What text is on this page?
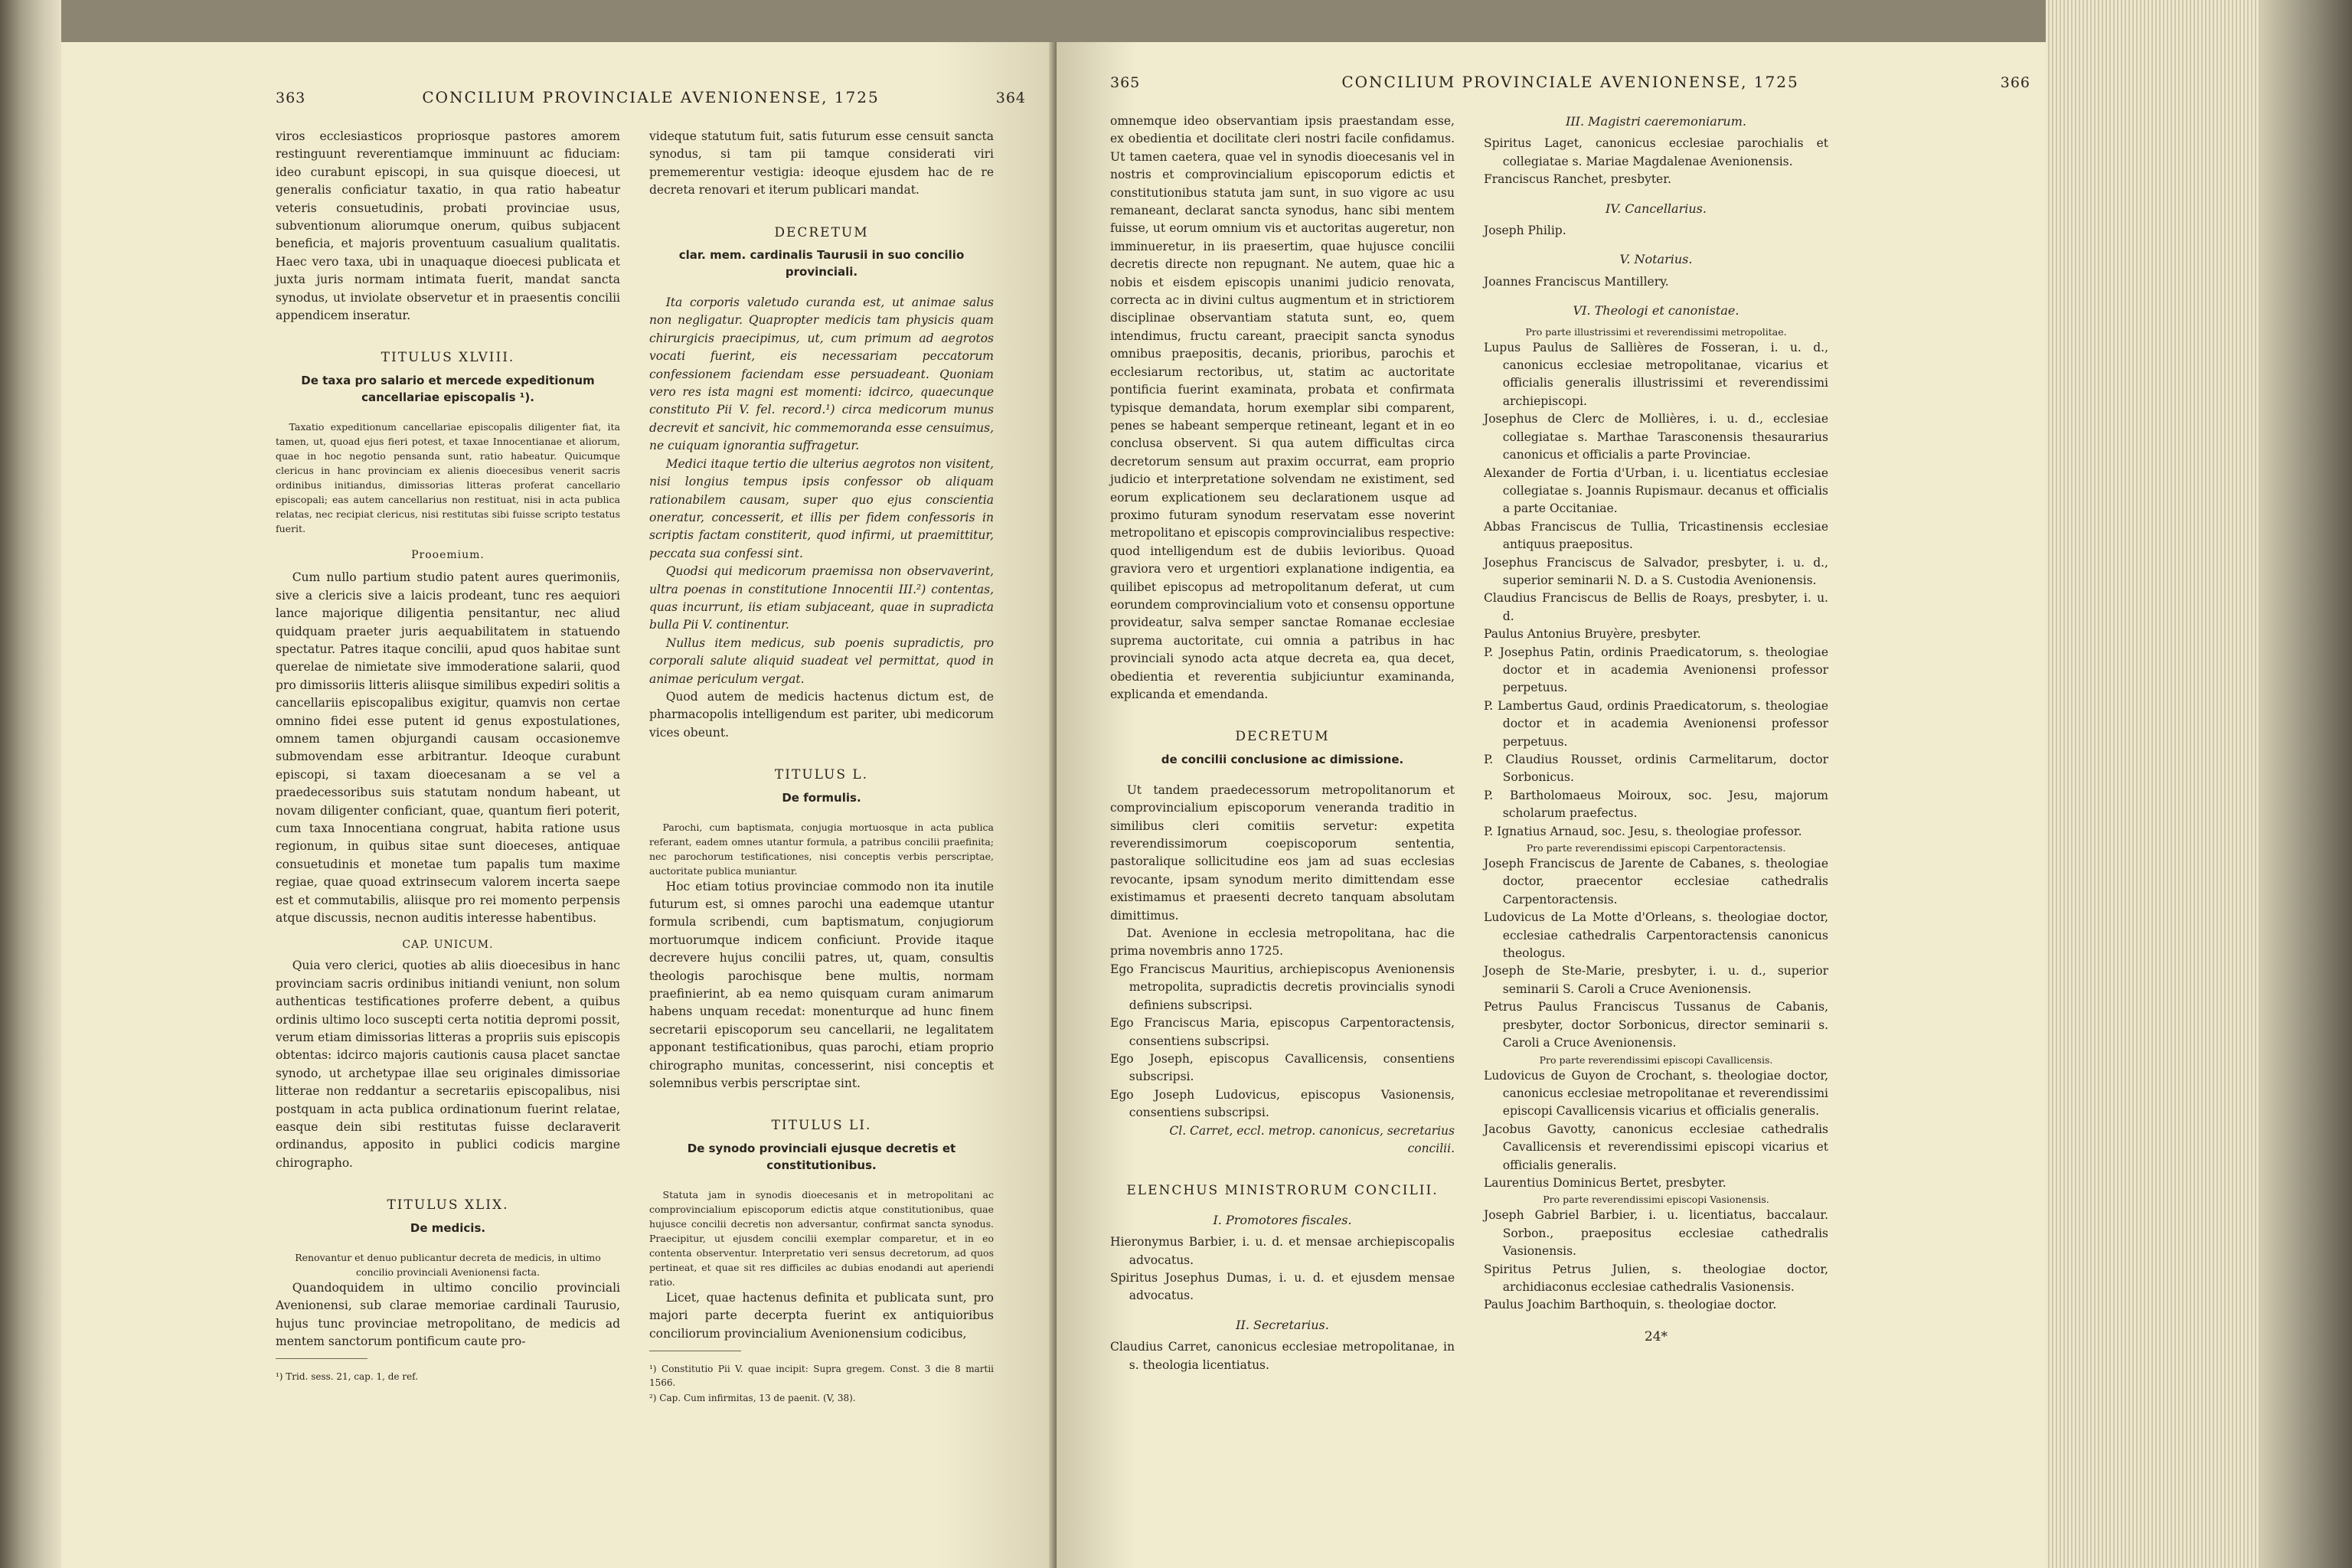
363	CONCILIUM PROVINCIALE AVENIONENSE, 1725	364

viros ecclesiasticos propriosque pastores amorem restinguunt reverentiamque imminuunt ac fiduciam: ideo curabunt episcopi, in sua quisque dioecesi, ut generalis conficiatur taxatio, in qua ratio habeatur veteris consuetudinis, probati provinciae usus, subventionum aliorumque onerum, quibus subjacent beneficia, et majoris proventuum casualium qualitatis. Haec vero taxa, ubi in unaquaque dioecesi publicata et juxta juris normam intimata fuerit, mandat sancta synodus, ut inviolate observetur et in praesentis concilii appendicem inseratur.

TITULUS XLVIII.
De taxa pro salario et mercede expeditionum cancellariae episcopalis ¹).

Taxatio expeditionum cancellariae episcopalis diligenter fiat, ita tamen, ut, quoad ejus fieri potest, et taxae Innocentianae et aliorum, quae in hoc negotio pensanda sunt, ratio habeatur. Quicumque clericus in hanc provinciam ex alienis dioecesibus venerit sacris ordinibus initiandus, dimissorias litteras proferat cancellario episcopali; eas autem cancellarius non restituat, nisi in acta publica relatas, nec recipiat clericus, nisi restitutas sibi fuisse scripto testatus fuerit.

Prooemium.

Cum nullo partium studio patent aures querimoniis, sive a clericis sive a laicis prodeant, tunc res aequiori lance majorique diligentia pensitantur, nec aliud quidquam praeter juris aequabilitatem in statuendo spectatur. Patres itaque concilii, apud quos habitae sunt querelae de nimietate sive immoderatione salarii, quod pro dimissoriis litteris aliisque similibus expediri solitis a cancellariis episcopalibus exigitur, quamvis non certae omnino fidei esse putent id genus expostulationes, omnem tamen objurgandi causam occasionemve submovendam esse arbitrantur. Ideoque curabunt episcopi, si taxam dioecesanam a se vel a praedecessoribus suis statutam nondum habeant, ut novam diligenter conficiant, quae, quantum fieri poterit, cum taxa Innocentiana congruat, habita ratione usus regionum, in quibus sitae sunt dioeceses, antiquae consuetudinis et monetae tum papalis tum maxime regiae, quae quoad extrinsecum valorem incerta saepe est et commutabilis, aliisque pro rei momento perpensis atque discussis, necnon auditis interesse habentibus.

CAP. UNICUM.

Quia vero clerici, quoties ab aliis dioecesibus in hanc provinciam sacris ordinibus initiandi veniunt, non solum authenticas testificationes proferre debent, a quibus ordinis ultimo loco suscepti certa notitia depromi possit, verum etiam dimissorias litteras a propriis suis episcopis obtentas: idcirco majoris cautionis causa placet sanctae synodo, ut archetypae illae seu originales dimissoriae litterae non reddantur a secretariis episcopalibus, nisi postquam in acta publica ordinationum fuerint relatae, easque dein sibi restitutas fuisse declaraverit ordinandus, apposito in publici codicis margine chirographo.

TITULUS XLIX.
De medicis.

Renovantur et denuo publicantur decreta de medicis, in ultimo concilio provinciali Avenionensi facta.

Quandoquidem in ultimo concilio provinciali Avenionensi, sub clarae memoriae cardinali Taurusio, hujus tunc provinciae metropolitano, de medicis ad mentem sanctorum pontificum caute pro-

¹) Trid. sess. 21, cap. 1, de ref.

videque statutum fuit, satis futurum esse censuit sancta synodus, si tam pii tamque considerati viri prememerentur vestigia: ideoque ejusdem hac de re decreta renovari et iterum publicari mandat.

DECRETUM
clar. mem. cardinalis Taurusii in suo concilio provinciali.

Ita corporis valetudo curanda est, ut animae salus non negligatur. Quapropter medicis tam physicis quam chirurgicis praecipimus, ut, cum primum ad aegrotos vocati fuerint, eis necessariam peccatorum confessionem faciendam esse persuadeant. Quoniam vero res ista magni est momenti: idcirco, quaecunque constituto Pii V. fel. record.¹) circa medicorum munus decrevit et sancivit, hic commemoranda esse censuimus, ne cuiquam ignorantia suffragetur.

Medici itaque tertio die ulterius aegrotos non visitent, nisi longius tempus ipsis confessor ob aliquam rationabilem causam, super quo ejus conscientia oneratur, concesserit, et illis per fidem confessoris in scriptis factam constiterit, quod infirmi, ut praemittitur, peccata sua confessi sint.

Quodsi qui medicorum praemissa non observaverint, ultra poenas in constitutione Innocentii III.²) contentas, quas incurrunt, iis etiam subjaceant, quae in supradicta bulla Pii V. continentur.

Nullus item medicus, sub poenis supradictis, pro corporali salute aliquid suadeat vel permittat, quod in animae periculum vergat.

Quod autem de medicis hactenus dictum est, de pharmacopolis intelligendum est pariter, ubi medicorum vices obeunt.

TITULUS L.
De formulis.

Parochi, cum baptismata, conjugia mortuosque in acta publica referant, eadem omnes utantur formula, a patribus concilii praefinita; nec parochorum testificationes, nisi conceptis verbis perscriptae, auctoritate publica muniantur.

Hoc etiam totius provinciae commodo non ita inutile futurum est, si omnes parochi una eademque utantur formula scribendi, cum baptismatum, conjugiorum mortuorumque indicem conficiunt. Provide itaque decrevere hujus concilii patres, ut, quam, consultis theologis parochisque bene multis, normam praefinierint, ab ea nemo quisquam curam animarum habens unquam recedat: monenturque ad hunc finem secretarii episcoporum seu cancellarii, ne legalitatem apponant testificationibus, quas parochi, etiam proprio chirographo munitas, concesserint, nisi conceptis et solemnibus verbis perscriptae sint.

TITULUS LI.
De synodo provinciali ejusque decretis et constitutionibus.

Statuta jam in synodis dioecesanis et in metropolitani ac comprovincialium episcoporum edictis atque constitutionibus, quae hujusce concilii decretis non adversantur, confirmat sancta synodus. Praecipitur, ut ejusdem concilii exemplar comparetur, et in eo contenta observentur. Interpretatio veri sensus decretorum, ad quos pertineat, et quae sit res difficiles ac dubias enodandi aut aperiendi ratio.

Licet, quae hactenus definita et publicata sunt, pro majori parte decerpta fuerint ex antiquioribus conciliorum provincialium Avenionensium codicibus,

¹) Constitutio Pii V. quae incipit: Supra gregem. Const. 3 die 8 martii 1566.
²) Cap. Cum infirmitas, 13 de paenit. (V, 38).
365	CONCILIUM PROVINCIALE AVENIONENSE, 1725	366

omnemque ideo observantiam ipsis praestandam esse, ex obedientia et docilitate cleri nostri facile confidamus. Ut tamen caetera, quae vel in synodis dioecesanis vel in nostris et comprovincialium episcoporum edictis et constitutionibus statuta jam sunt, in suo vigore ac usu remaneant, declarat sancta synodus, hanc sibi mentem fuisse, ut eorum omnium vis et auctoritas augeretur, non imminueretur, in iis praesertim, quae hujusce concilii decretis directe non repugnant. Ne autem, quae hic a nobis et eisdem episcopis unanimi judicio renovata, correcta ac in divini cultus augmentum et in strictiorem disciplinae observantiam statuta sunt, eo, quem intendimus, fructu careant, praecipit sancta synodus omnibus praepositis, decanis, prioribus, parochis et ecclesiarum rectoribus, ut, statim ac auctoritate pontificia fuerint examinata, probata et confirmata typisque demandata, horum exemplar sibi comparent, penes se habeant semperque retineant, legant et in eo conclusa observent. Si qua autem difficultas circa decretorum sensum aut praxim occurrat, eam proprio judicio et interpretatione solvendam ne existiment, sed eorum explicationem seu declarationem usque ad proximo futuram synodum reservatam esse noverint metropolitano et episcopis comprovincialibus respective: quod intelligendum est de dubiis levioribus. Quoad graviora vero et urgentiori explanatione indigentia, ea quilibet episcopus ad metropolitanum deferat, ut cum eorundem comprovincialium voto et consensu opportune provideatur, salva semper sanctae Romanae ecclesiae suprema auctoritate, cui omnia a patribus in hac provinciali synodo acta atque decreta ea, qua decet, obedientia et reverentia subjiciuntur examinanda, explicanda et emendanda.

DECRETUM
de concilii conclusione ac dimissione.

Ut tandem praedecessorum metropolitanorum et comprovincialium episcoporum veneranda traditio in similibus cleri comitiis servetur: expetita reverendissimorum coepiscoporum sententia, pastoralique sollicitudine eos jam ad suas ecclesias revocante, ipsam synodum merito dimittendam esse existimamus et praesenti decreto tanquam absolutam dimittimus.

Dat. Avenione in ecclesia metropolitana, hac die prima novembris anno 1725.

Ego Franciscus Mauritius, archiepiscopus Avenionensis metropolita, supradictis decretis provincialis synodi definiens subscripsi.

Ego Franciscus Maria, episcopus Carpentoractensis, consentiens subscripsi.

Ego Joseph, episcopus Cavallicensis, consentiens subscripsi.

Ego Joseph Ludovicus, episcopus Vasionensis, consentiens subscripsi.

Cl. Carret, eccl. metrop. canonicus, secretarius concilii.

ELENCHUS MINISTRORUM CONCILII.
I. Promotores fiscales.

Hieronymus Barbier, i. u. d. et mensae archiepiscopalis advocatus.

Spiritus Josephus Dumas, i. u. d. et ejusdem mensae advocatus.

II. Secretarius.

Claudius Carret, canonicus ecclesiae metropolitanae, in s. theologia licentiatus.

III. Magistri caeremoniarum.

Spiritus Laget, canonicus ecclesiae parochialis et collegiatae s. Mariae Magdalenae Avenionensis.

Franciscus Ranchet, presbyter.

IV. Cancellarius.

Joseph Philip.

V. Notarius.

Joannes Franciscus Mantillery.

VI. Theologi et canonistae.

Pro parte illustrissimi et reverendissimi metropolitae.

Lupus Paulus de Sallières de Fosseran, i. u. d., canonicus ecclesiae metropolitanae, vicarius et officialis generalis illustrissimi et reverendissimi archiepiscopi.

Josephus de Clerc de Mollières, i. u. d., ecclesiae collegiatae s. Marthae Tarasconensis thesaurarius canonicus et officialis a parte Provinciae.

Alexander de Fortia d'Urban, i. u. licentiatus ecclesiae collegiatae s. Joannis Rupismaur. decanus et officialis a parte Occitaniae.

Abbas Franciscus de Tullia, Tricastinensis ecclesiae antiquus praepositus.

Josephus Franciscus de Salvador, presbyter, i. u. d., superior seminarii N. D. a S. Custodia Avenionensis.

Claudius Franciscus de Bellis de Roays, presbyter, i. u. d.

Paulus Antonius Bruyère, presbyter.

P. Josephus Patin, ordinis Praedicatorum, s. theologiae doctor et in academia Avenionensi professor perpetuus.

P. Lambertus Gaud, ordinis Praedicatorum, s. theologiae doctor et in academia Avenionensi professor perpetuus.

P. Claudius Rousset, ordinis Carmelitarum, doctor Sorbonicus.

P. Bartholomaeus Moiroux, soc. Jesu, majorum scholarum praefectus.

P. Ignatius Arnaud, soc. Jesu, s. theologiae professor.

Pro parte reverendissimi episcopi Carpentoractensis.

Joseph Franciscus de Jarente de Cabanes, s. theologiae doctor, praecentor ecclesiae cathedralis Carpentoractensis.

Ludovicus de La Motte d'Orleans, s. theologiae doctor, ecclesiae cathedralis Carpentoractensis canonicus theologus.

Joseph de Ste-Marie, presbyter, i. u. d., superior seminarii S. Caroli a Cruce Avenionensis.

Petrus Paulus Franciscus Tussanus de Cabanis, presbyter, doctor Sorbonicus, director seminarii s. Caroli a Cruce Avenionensis.

Pro parte reverendissimi episcopi Cavallicensis.

Ludovicus de Guyon de Crochant, s. theologiae doctor, canonicus ecclesiae metropolitanae et reverendissimi episcopi Cavallicensis vicarius et officialis generalis.

Jacobus Gavotty, canonicus ecclesiae cathedralis Cavallicensis et reverendissimi episcopi vicarius et officialis generalis.

Laurentius Dominicus Bertet, presbyter.

Pro parte reverendissimi episcopi Vasionensis.

Joseph Gabriel Barbier, i. u. licentiatus, baccalaur. Sorbon., praepositus ecclesiae cathedralis Vasionensis.

Spiritus Petrus Julien, s. theologiae doctor, archidiaconus ecclesiae cathedralis Vasionensis.

Paulus Joachim Barthoquin, s. theologiae doctor.

24*
